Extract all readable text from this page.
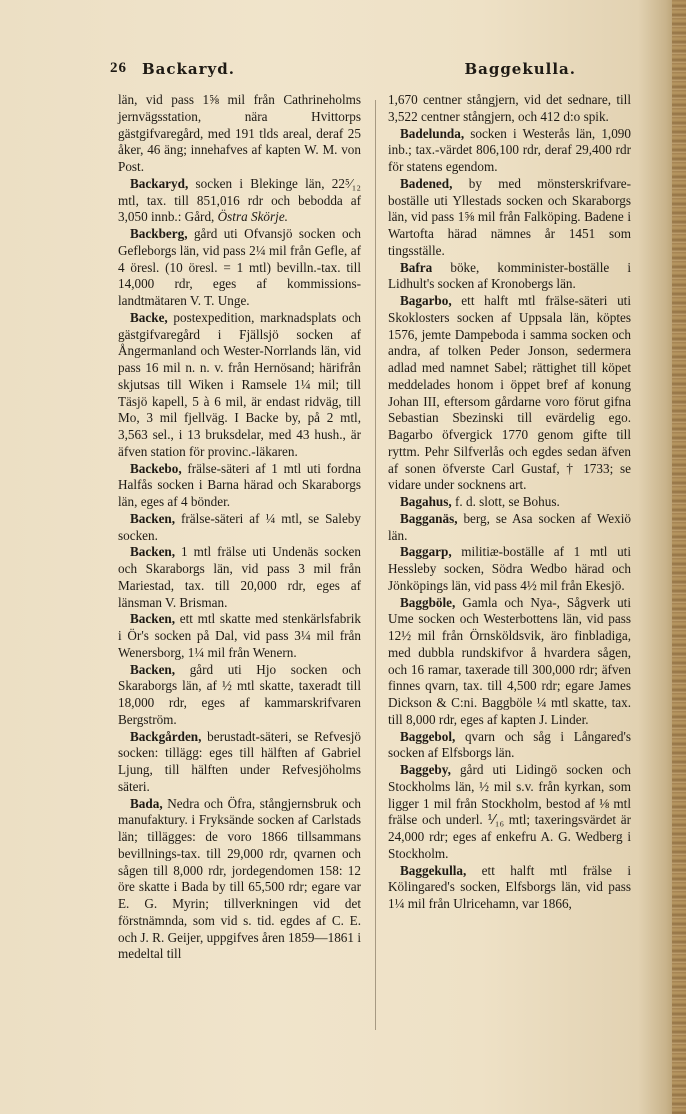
26 Backaryd.	Baggekulla.

län, vid pass 1⅝ mil från Cathrineholms jernvägsstation, nära Hvittorps gästgifvaregård, med 191 tlds areal, deraf 25 åker, 46 äng; innehafves af kapten W. M. von Post.

Backaryd, socken i Blekinge län, 22⁵⁄₁₂ mtl, tax. till 851,016 rdr och bebodda af 3,050 innb.: Gård, Östra Skörje.

Backberg, gård uti Ofvansjö socken och Gefleborgs län, vid pass 2¼ mil från Gefle, af 4 öresl. (10 öresl. = 1 mtl) bevilln.-tax. till 14,000 rdr, eges af kommissions-landtmätaren V. T. Unge.

Backe, postexpedition, marknadsplats och gästgifvaregård i Fjällsjö socken af Ångermanland och Wester-Norrlands län, vid pass 16 mil n. n. v. från Hernösand; härifrån skjutsas till Wiken i Ramsele 1¼ mil; till Täsjö kapell, 5 à 6 mil, är endast ridväg, till Mo, 3 mil fjellväg. I Backe by, på 2 mtl, 3,563 sel., i 13 bruksdelar, med 43 hush., är äfven station för provinc.-läkaren.

Backebo, frälse-säteri af 1 mtl uti fordna Halfås socken i Barna härad och Skaraborgs län, eges af 4 bönder.

Backen, frälse-säteri af ¼ mtl, se Saleby socken.

Backen, 1 mtl frälse uti Undenäs socken och Skaraborgs län, vid pass 3 mil från Mariestad, tax. till 20,000 rdr, eges af länsman V. Brisman.

Backen, ett mtl skatte med stenkärlsfabrik i Ör's socken på Dal, vid pass 3¼ mil från Wenersborg, 1¼ mil från Wenern.

Backen, gård uti Hjo socken och Skaraborgs län, af ½ mtl skatte, taxeradt till 18,000 rdr, eges af kammarskrifvaren Bergström.

Backgården, berustadt-säteri, se Refvesjö socken: tillägg: eges till hälften af Gabriel Ljung, till hälften under Refvesjöholms säteri.

Bada, Nedra och Öfra, stångjernsbruk och manufaktury. i Fryksände socken af Carlstads län; tillägges: de voro 1866 tillsammans bevillnings-tax. till 29,000 rdr, qvarnen och sågen till 8,000 rdr, jordegendomen 158: 12 öre skatte i Bada by till 65,500 rdr; egare var E. G. Myrin; tillverkningen vid det förstnämnda, som vid s. tid. egdes af C. E. och J. R. Geijer, uppgifves åren 1859—1861 i medeltal till

1,670 centner stångjern, vid det sednare, till 3,522 centner stångjern, och 412 d:o spik.

Badelunda, socken i Westerås län, 1,090 inb.; tax.-värdet 806,100 rdr, deraf 29,400 rdr för statens egendom.

Badened, by med mönsterskrifvare-boställe uti Yllestads socken och Skaraborgs län, vid pass 1⅝ mil från Falköping. Badene i Wartofta härad nämnes år 1451 som tingsställe.

Bafra böke, komminister-boställe i Lidhult's socken af Kronobergs län.

Bagarbo, ett halft mtl frälse-säteri uti Skoklosters socken af Uppsala län, köptes 1576, jemte Dampeboda i samma socken och andra, af tolken Peder Jonson, sedermera adlad med namnet Sabel; rättighet till köpet meddelades honom i öppet bref af konung Johan III, eftersom gårdarne voro förut gifna Sebastian Sbezinski till evärdelig ego. Bagarbo öfvergick 1770 genom gifte till ryttm. Pehr Silfverlås och egdes sedan äfven af sonen öfverste Carl Gustaf, † 1733; se vidare under socknens art.

Bagahus, f. d. slott, se Bohus.

Bagganäs, berg, se Asa socken af Wexiö län.

Baggarp, militiæ-boställe af 1 mtl uti Hessleby socken, Södra Wedbo härad och Jönköpings län, vid pass 4½ mil från Ekesjö.

Baggböle, Gamla och Nya-, Sågverk uti Ume socken och Westerbottens län, vid pass 12½ mil från Örnsköldsvik, äro finbladiga, med dubbla rundskifvor å hvardera sågen, och 16 ramar, taxerade till 300,000 rdr; äfven finnes qvarn, tax. till 4,500 rdr; egare James Dickson & C:ni. Baggböle ¼ mtl skatte, tax. till 8,000 rdr, eges af kapten J. Linder.

Baggebol, qvarn och såg i Långared's socken af Elfsborgs län.

Baggeby, gård uti Lidingö socken och Stockholms län, ½ mil s.v. från kyrkan, som ligger 1 mil från Stockholm, bestod af ⅛ mtl frälse och underl. ⅟₁₆ mtl; taxeringsvärdet är 24,000 rdr; eges af enkefru A. G. Wedberg i Stockholm.

Baggekulla, ett halft mtl frälse i Kölingared's socken, Elfsborgs län, vid pass 1¼ mil från Ulricehamn, var 1866,
